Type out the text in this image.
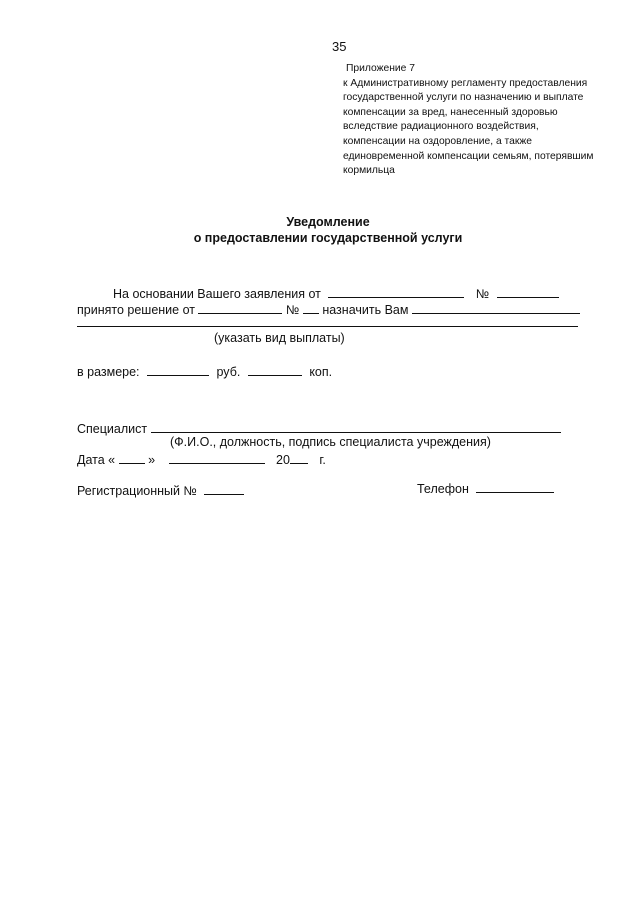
35
Приложение 7
к Административному регламенту предоставления
государственной услуги по назначению и выплате
компенсации за вред, нанесенный здоровью
вследствие радиационного воздействия,
компенсации на оздоровление, а также
единовременной компенсации семьям, потерявшим
кормильца
Уведомление
о предоставлении государственной услуги
На основании Вашего заявления от	№
принято решение от	№ назначить Вам
(указать вид выплаты)
в размере:	руб.	коп.
Специалист
(Ф.И.О., должность, подпись специалиста учреждения)
Дата «	»	20 г.
Регистрационный №	Телефон
